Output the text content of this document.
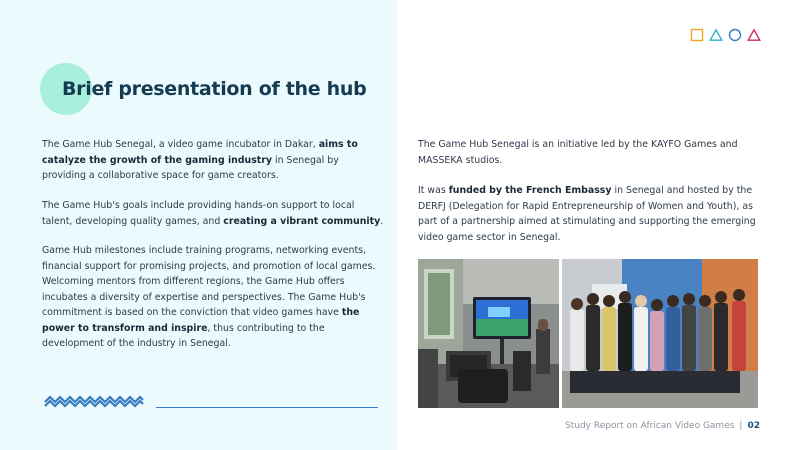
Brief presentation of the hub

The Game Hub Senegal, a video game incubator in Dakar, aims to catalyze the growth of the gaming industry in Senegal by providing a collaborative space for game creators.

The Game Hub's goals include providing hands-on support to local talent, developing quality games, and creating a vibrant community.

Game Hub milestones include training programs, networking events, financial support for promising projects, and promotion of local games. Welcoming mentors from different regions, the Game Hub offers incubates a diversity of expertise and perspectives. The Game Hub's commitment is based on the conviction that video games have the power to transform and inspire, thus contributing to the development of the industry in Senegal.

The Game Hub Senegal is an initiative led by the KAYFO Games and MASSEKA studios.

It was funded by the French Embassy in Senegal and hosted by the DERFJ (Delegation for Rapid Entrepreneurship of Women and Youth), as part of a partnership aimed at stimulating and supporting the emerging video game sector in Senegal.

Study Report on African Video Games | 02
